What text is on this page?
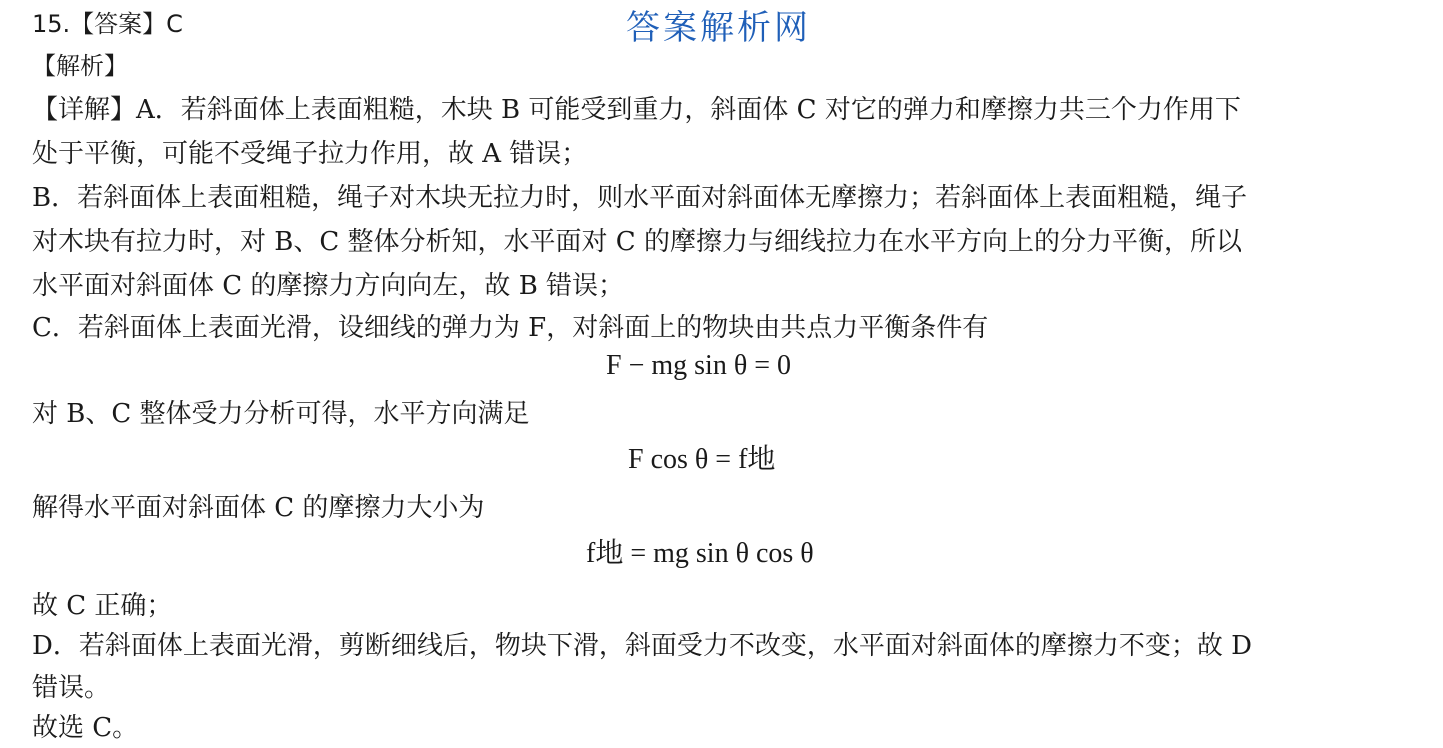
15.【答案】C	答案解析网
【解析】
【详解】A．若斜面体上表面粗糙，木块 B 可能受到重力，斜面体 C 对它的弹力和摩擦力共三个力作用下
处于平衡，可能不受绳子拉力作用，故 A 错误；
B．若斜面体上表面粗糙，绳子对木块无拉力时，则水平面对斜面体无摩擦力；若斜面体上表面粗糙，绳子
对木块有拉力时，对 B、C 整体分析知，水平面对 C 的摩擦力与细线拉力在水平方向上的分力平衡，所以
水平面对斜面体 C 的摩擦力方向向左，故 B 错误；
C．若斜面体上表面光滑，设细线的弹力为 F，对斜面上的物块由共点力平衡条件有
F − mg sin θ = 0
对 B、C 整体受力分析可得，水平方向满足
F cos θ = f地
解得水平面对斜面体 C 的摩擦力大小为
f地 = mg sin θ cos θ
故 C 正确；
D．若斜面体上表面光滑，剪断细线后，物块下滑，斜面受力不改变，水平面对斜面体的摩擦力不变；故 D
错误。
故选 C。
